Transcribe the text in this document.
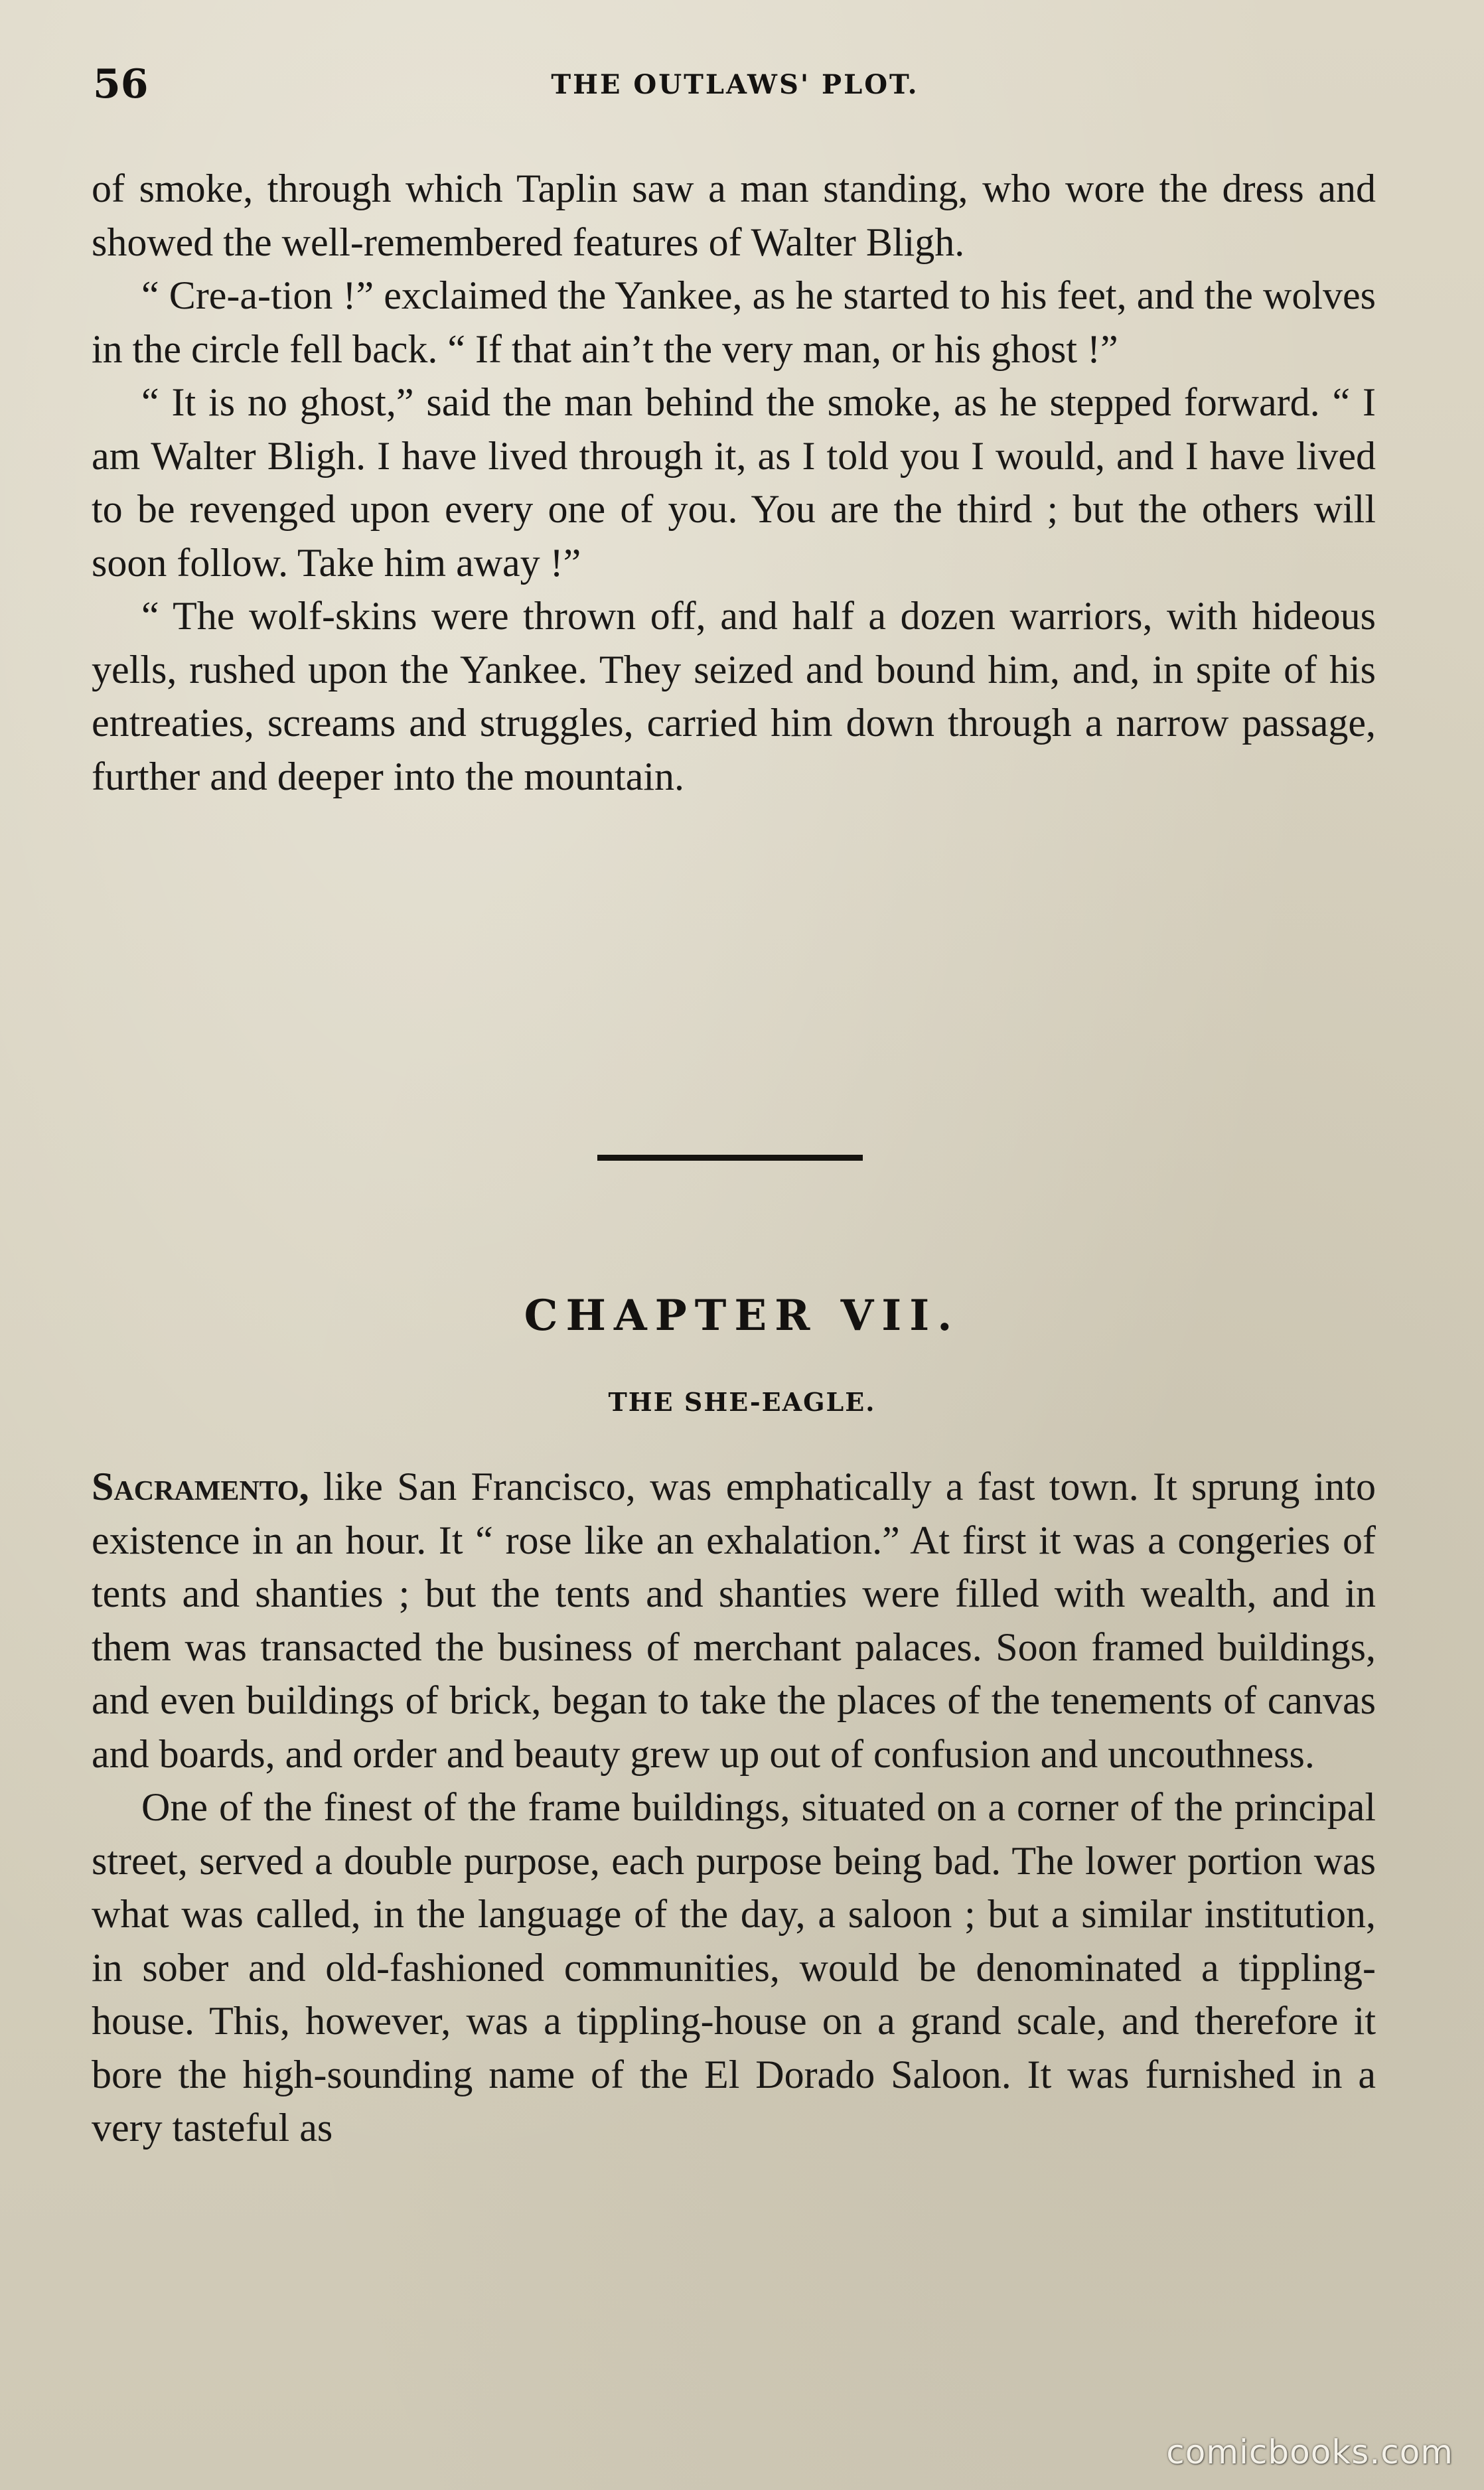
56	THE OUTLAWS' PLOT.

of smoke, through which Taplin saw a man standing, who wore the dress and showed the well-remembered features of Walter Bligh.

“ Cre-a-tion !” exclaimed the Yankee, as he started to his feet, and the wolves in the circle fell back. “ If that ain’t the very man, or his ghost !”

“ It is no ghost,” said the man behind the smoke, as he stepped forward. “ I am Walter Bligh. I have lived through it, as I told you I would, and I have lived to be revenged upon every one of you. You are the third ; but the others will soon follow. Take him away !”

“ The wolf-skins were thrown off, and half a dozen warriors, with hideous yells, rushed upon the Yankee. They seized and bound him, and, in spite of his entreaties, screams and struggles, carried him down through a narrow passage, further and deeper into the mountain.

CHAPTER VII.
THE SHE-EAGLE.

Sacramento, like San Francisco, was emphatically a fast town. It sprung into existence in an hour. It “ rose like an exhalation.” At first it was a congeries of tents and shanties ; but the tents and shanties were filled with wealth, and in them was transacted the business of merchant palaces. Soon framed buildings, and even buildings of brick, began to take the places of the tenements of canvas and boards, and order and beauty grew up out of confusion and uncouthness.

One of the finest of the frame buildings, situated on a corner of the principal street, served a double purpose, each purpose being bad. The lower portion was what was called, in the language of the day, a saloon ; but a similar institution, in sober and old-fashioned communities, would be denominated a tippling-house. This, however, was a tippling-house on a grand scale, and therefore it bore the high-sounding name of the El Dorado Saloon. It was furnished in a very tasteful as

comicbooks.com
